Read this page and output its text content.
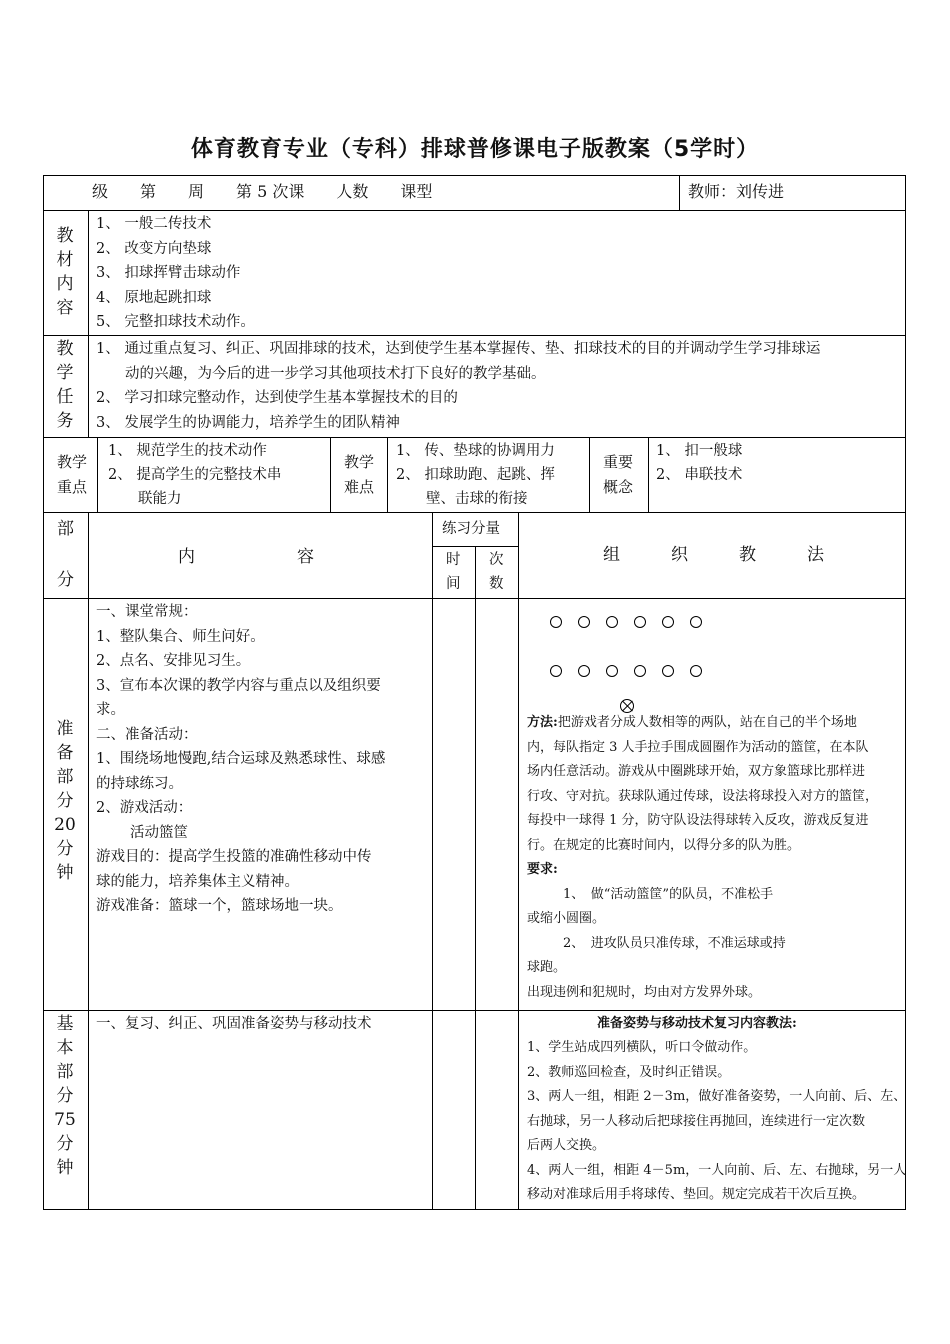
体育教育专业（专科）排球普修课电子版教案（5学时）
级　　第　　周　　第 5 次课　　人数　　课型	教师：刘传进
教
材
内
容
1、 一般二传技术
2、 改变方向垫球
3、 扣球挥臂击球动作
4、 原地起跳扣球
5、 完整扣球技术动作。
教
学
任
务
1、 通过重点复习、纠正、巩固排球的技术，达到使学生基本掌握传、垫、扣球技术的目的并调动学生学习排球运
动的兴趣，为今后的进一步学习其他项技术打下良好的教学基础。
2、 学习扣球完整动作，达到使学生基本掌握技术的目的
3、 发展学生的协调能力，培养学生的团队精神
教学
重点
1、 规范学生的技术动作
2、 提高学生的完整技术串
联能力
教学
难点
1、 传、垫球的协调用力
2、 扣球助跑、起跳、挥
壁、击球的衔接
重要
概念
1、 扣一般球
2、 串联技术
部
分
内　　　　　　容
练习分量
时
间
次
数
组　　　织　　　教　　　法
准
备
部
分
20
分
钟
一、课堂常规：
1、整队集合、师生问好。
2、点名、安排见习生。
3、宣布本次课的教学内容与重点以及组织要
求。
二、准备活动：
1、围绕场地慢跑,结合运球及熟悉球性、球感
的持球练习。
2、游戏活动：
活动篮筐
游戏目的：提高学生投篮的准确性移动中传
球的能力，培养集体主义精神。
游戏准备：篮球一个，篮球场地一块。
方法:把游戏者分成人数相等的两队，站在自己的半个场地
内，每队指定 3 人手拉手围成圆圈作为活动的篮筐，在本队
场内任意活动。游戏从中圈跳球开始，双方象篮球比那样进
行攻、守对抗。获球队通过传球，设法将球投入对方的篮筐，
每投中一球得 1 分，防守队设法得球转入反攻，游戏反复进
行。在规定的比赛时间内，以得分多的队为胜。
要求:
1、　做“活动篮筐”的队员，不准松手
或缩小圆圈。
2、　进攻队员只准传球，不准运球或持
球跑。
出现违例和犯规时，均由对方发界外球。
基
本
部
分
75
分
钟
一、复习、纠正、巩固准备姿势与移动技术	准备姿势与移动技术复习内容教法:
1、学生站成四列横队，听口令做动作。
2、教师巡回检查，及时纠正错误。
3、两人一组，相距 2－3m，做好准备姿势，一人向前、后、左、
右抛球，另一人移动后把球接住再抛回，连续进行一定次数
后两人交换。
4、两人一组，相距 4－5m，一人向前、后、左、右抛球，另一人
移动对准球后用手将球传、垫回。规定完成若干次后互换。
